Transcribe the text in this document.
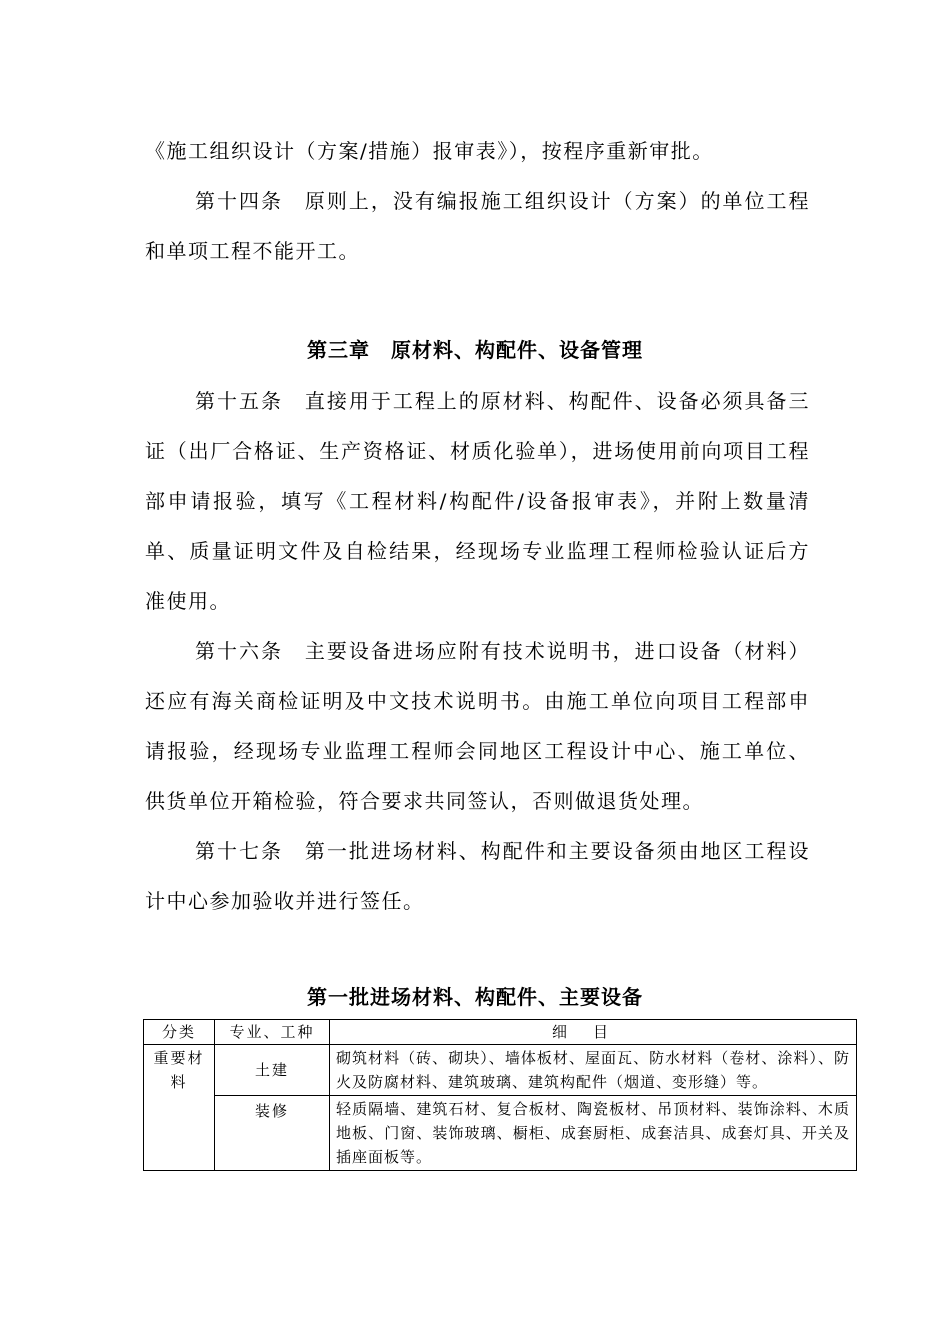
《施工组织设计（方案/措施）报审表》），按程序重新审批。

第十四条　原则上，没有编报施工组织设计（方案）的单位工程和单项工程不能开工。

第三章　原材料、构配件、设备管理

第十五条　直接用于工程上的原材料、构配件、设备必须具备三证（出厂合格证、生产资格证、材质化验单），进场使用前向项目工程部申请报验，填写《工程材料/构配件/设备报审表》，并附上数量清单、质量证明文件及自检结果，经现场专业监理工程师检验认证后方准使用。

第十六条　主要设备进场应附有技术说明书，进口设备（材料）还应有海关商检证明及中文技术说明书。由施工单位向项目工程部申请报验，经现场专业监理工程师会同地区工程设计中心、施工单位、供货单位开箱检验，符合要求共同签认，否则做退货处理。

第十七条　第一批进场材料、构配件和主要设备须由地区工程设计中心参加验收并进行签任。

第一批进场材料、构配件、主要设备
分类	专业、工种	细目
重要材料	土建	砌筑材料（砖、砌块）、墙体板材、屋面瓦、防水材料（卷材、涂料）、防火及防腐材料、建筑玻璃、建筑构配件（烟道、变形缝）等。

	装修	轻质隔墙、建筑石材、复合板材、陶瓷板材、吊顶材料、装饰涂料、木质地板、门窗、装饰玻璃、橱柜、成套厨柜、成套洁具、成套灯具、开关及插座面板等。
